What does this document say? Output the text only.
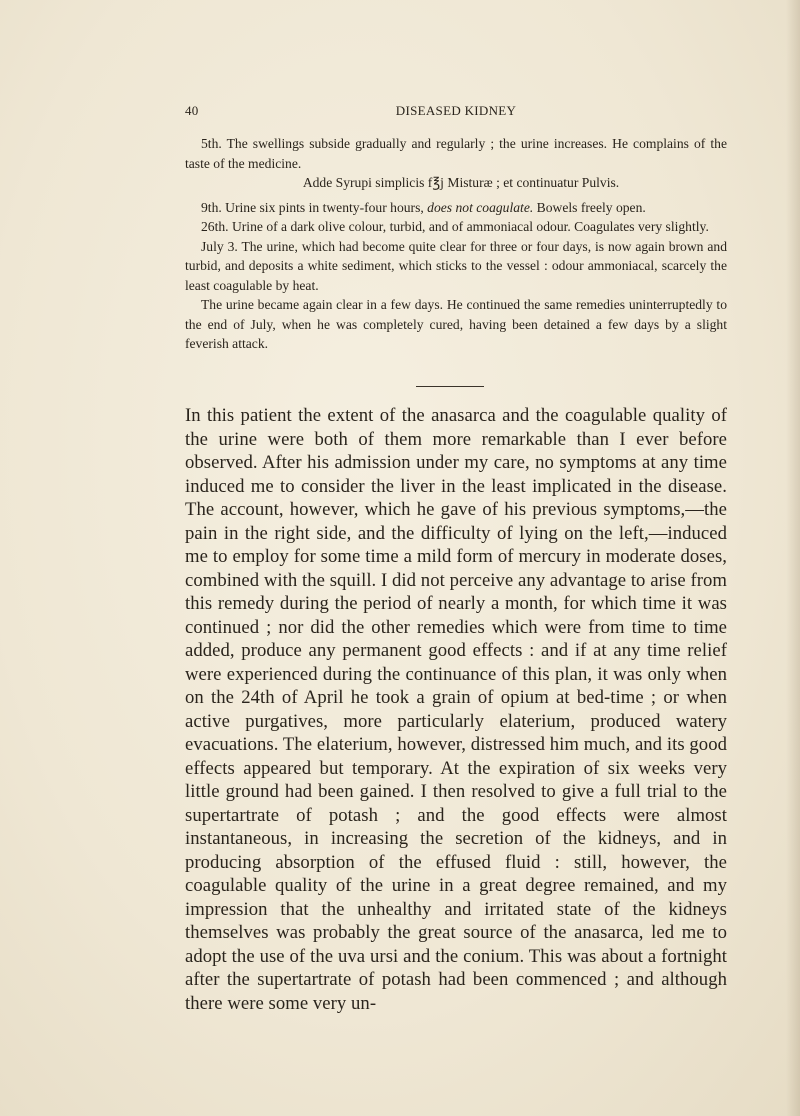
40	DISEASED KIDNEY

5th. The swellings subside gradually and regularly ; the urine increases. He complains of the taste of the medicine.

Adde Syrupi simplicis f℥j Misturæ ; et continuatur Pulvis.

9th. Urine six pints in twenty-four hours, does not coagulate. Bowels freely open.

26th. Urine of a dark olive colour, turbid, and of ammoniacal odour. Coagulates very slightly.

July 3. The urine, which had become quite clear for three or four days, is now again brown and turbid, and deposits a white sediment, which sticks to the vessel : odour ammoniacal, scarcely the least coagulable by heat.

The urine became again clear in a few days. He continued the same remedies uninterruptedly to the end of July, when he was completely cured, having been detained a few days by a slight feverish attack.

In this patient the extent of the anasarca and the coagulable quality of the urine were both of them more remarkable than I ever before observed. After his admission under my care, no symptoms at any time induced me to consider the liver in the least implicated in the disease. The account, however, which he gave of his previous symptoms,—the pain in the right side, and the difficulty of lying on the left,—induced me to employ for some time a mild form of mercury in moderate doses, combined with the squill. I did not perceive any advantage to arise from this remedy during the period of nearly a month, for which time it was continued ; nor did the other remedies which were from time to time added, produce any permanent good effects : and if at any time relief were experienced during the continuance of this plan, it was only when on the 24th of April he took a grain of opium at bed-time ; or when active purgatives, more particularly elaterium, produced watery evacuations. The elaterium, however, distressed him much, and its good effects appeared but temporary. At the expiration of six weeks very little ground had been gained. I then resolved to give a full trial to the supertartrate of potash ; and the good effects were almost instantaneous, in increasing the secretion of the kidneys, and in producing absorption of the effused fluid : still, however, the coagulable quality of the urine in a great degree remained, and my impression that the unhealthy and irritated state of the kidneys themselves was probably the great source of the anasarca, led me to adopt the use of the uva ursi and the conium. This was about a fortnight after the supertartrate of potash had been commenced ; and although there were some very un-
